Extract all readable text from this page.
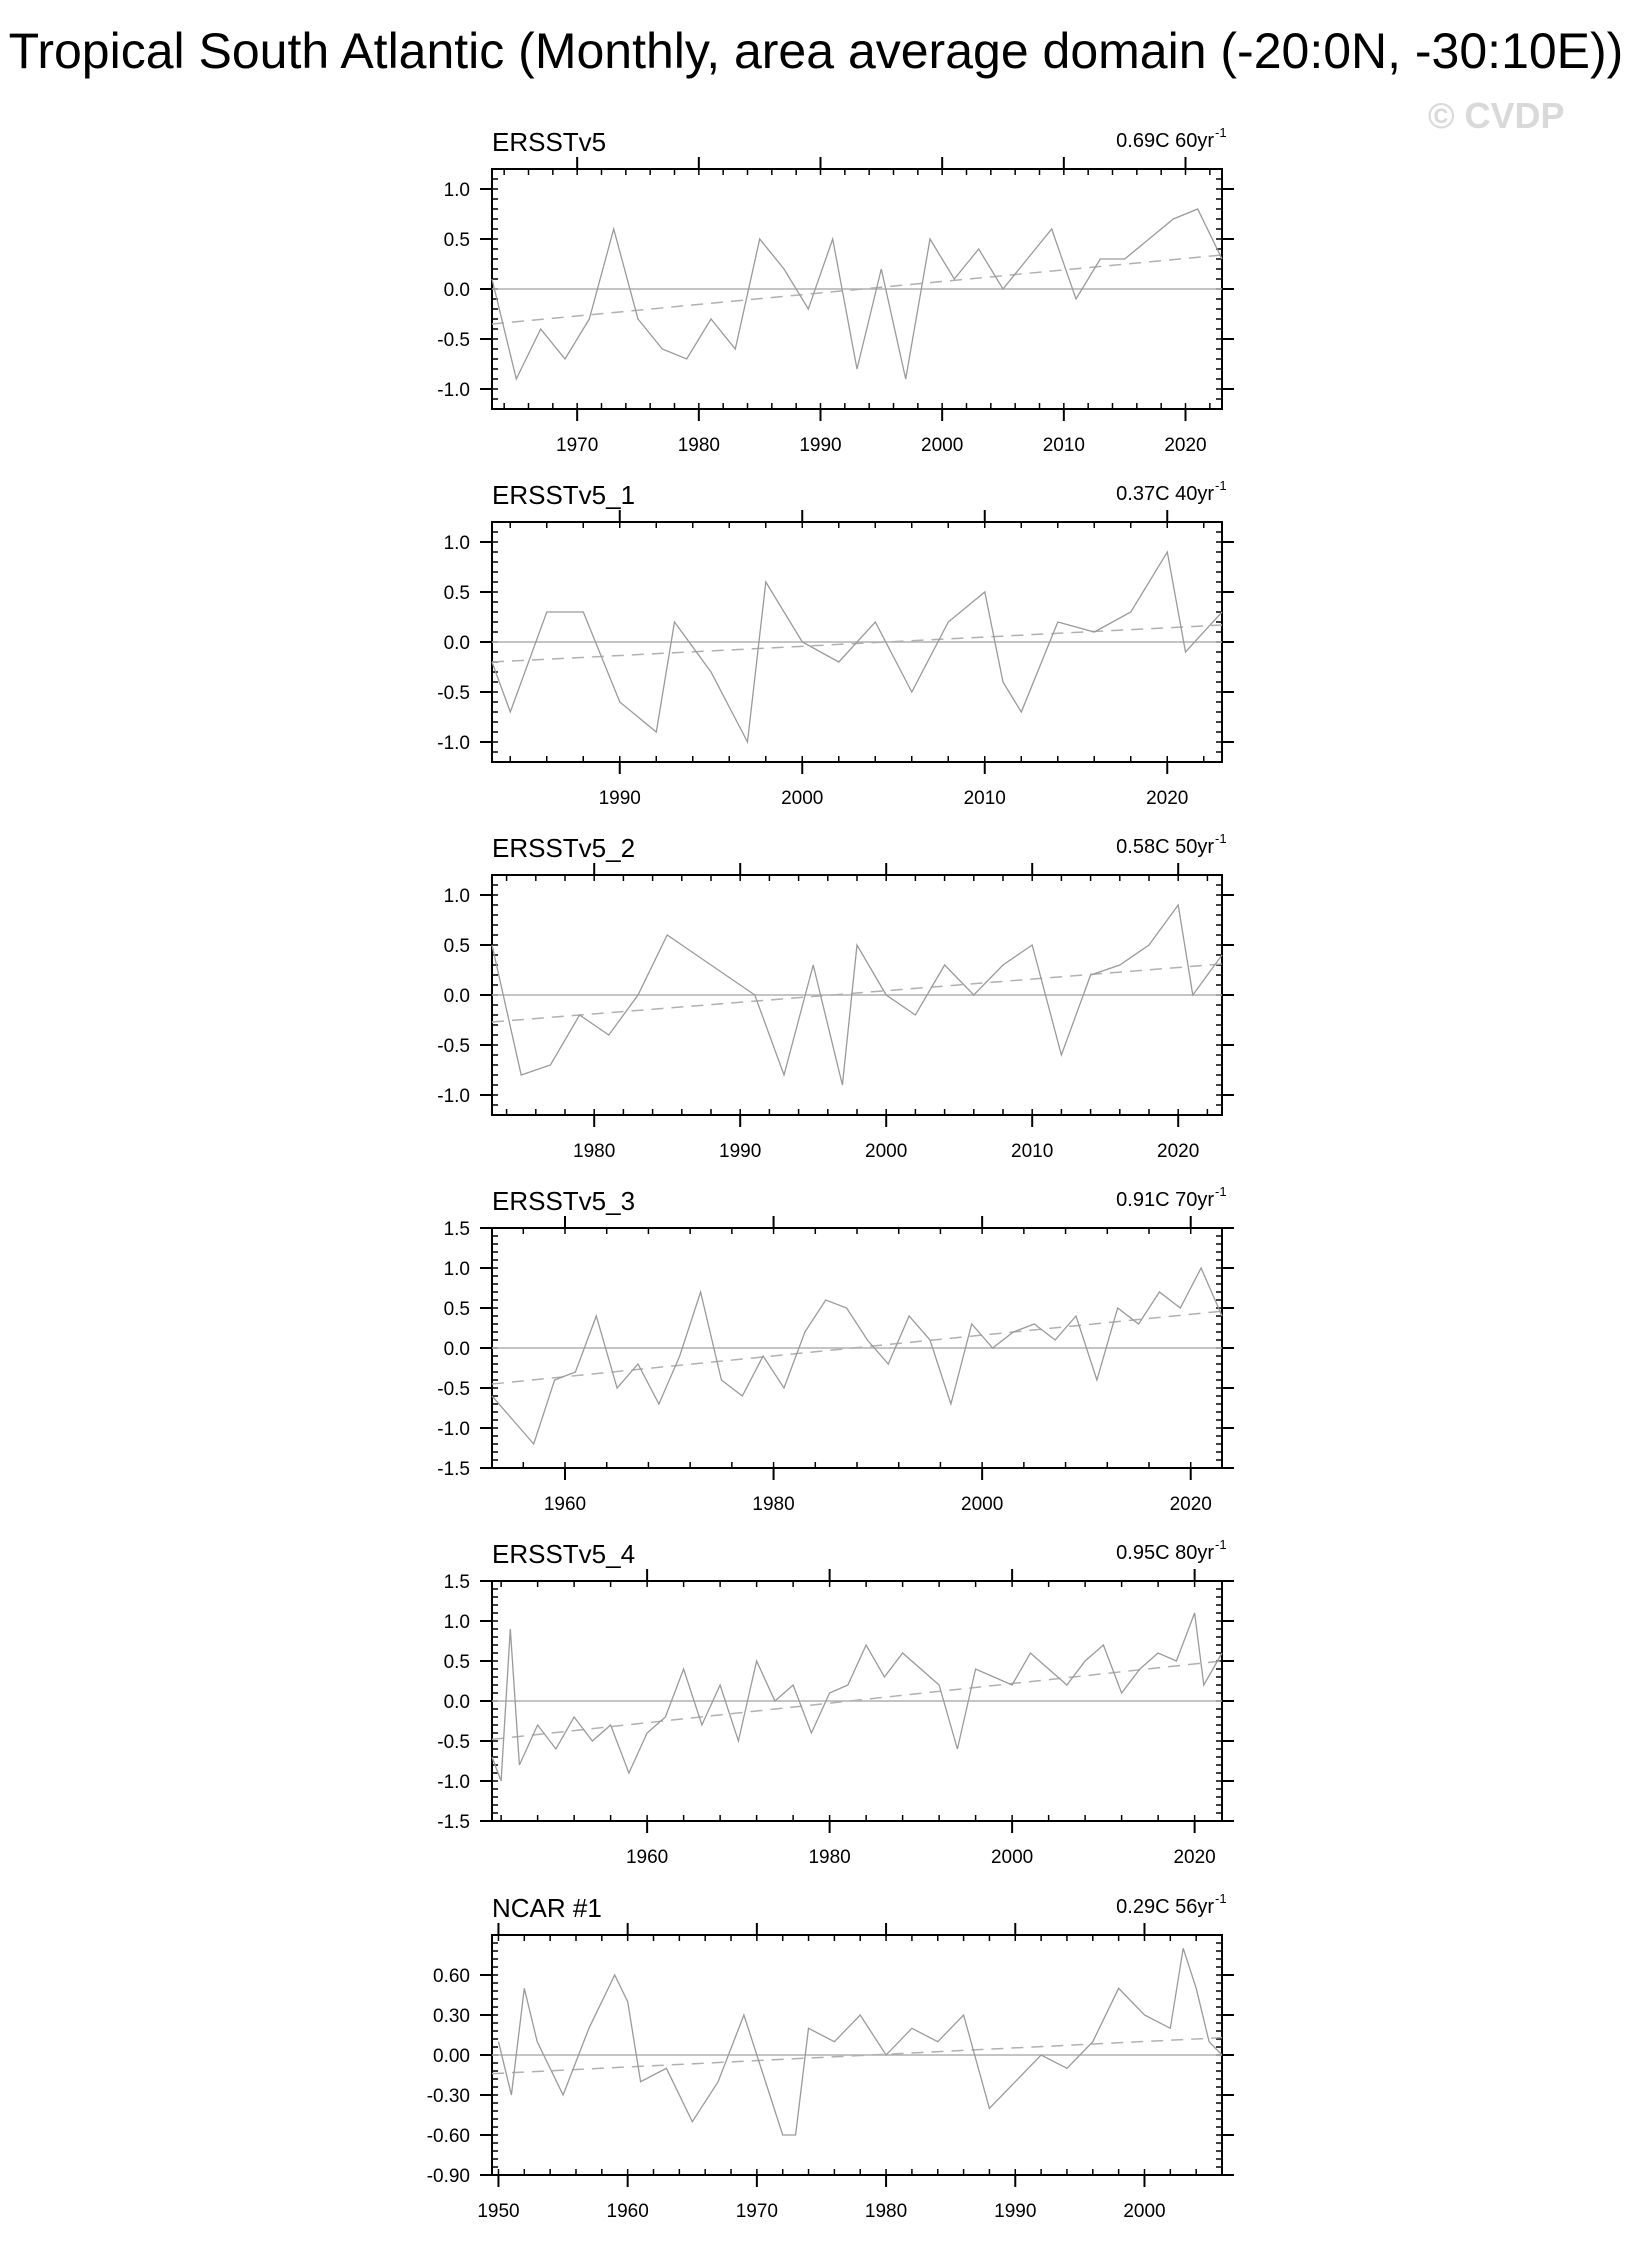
Tropical South Atlantic (Monthly, area average domain (-20:0N, -30:10E))
© CVDP
-1.0
-0.5
0.0
0.5
1.0
1970	1980	1990	2000	2010	2020
ERSSTv5	0.69C 60yr -1
-1.0
-0.5
0.0
0.5
1.0
1990	2000	2010	2020
ERSSTv5_1	0.37C 40yr -1
-1.0
-0.5
0.0
0.5
1.0
1980	1990	2000	2010	2020
ERSSTv5_2	0.58C 50yr -1
-1.5
-1.0
-0.5
0.0
0.5
1.0
1.5
1960	1980	2000	2020
ERSSTv5_3	0.91C 70yr -1
-1.5
-1.0
-0.5
0.0
0.5
1.0
1.5
1960	1980	2000	2020
ERSSTv5_4	0.95C 80yr -1
-0.90
-0.60
-0.30
0.00
0.30
0.60
1950	1960	1970	1980	1990	2000
NCAR #1	0.29C 56yr -1
